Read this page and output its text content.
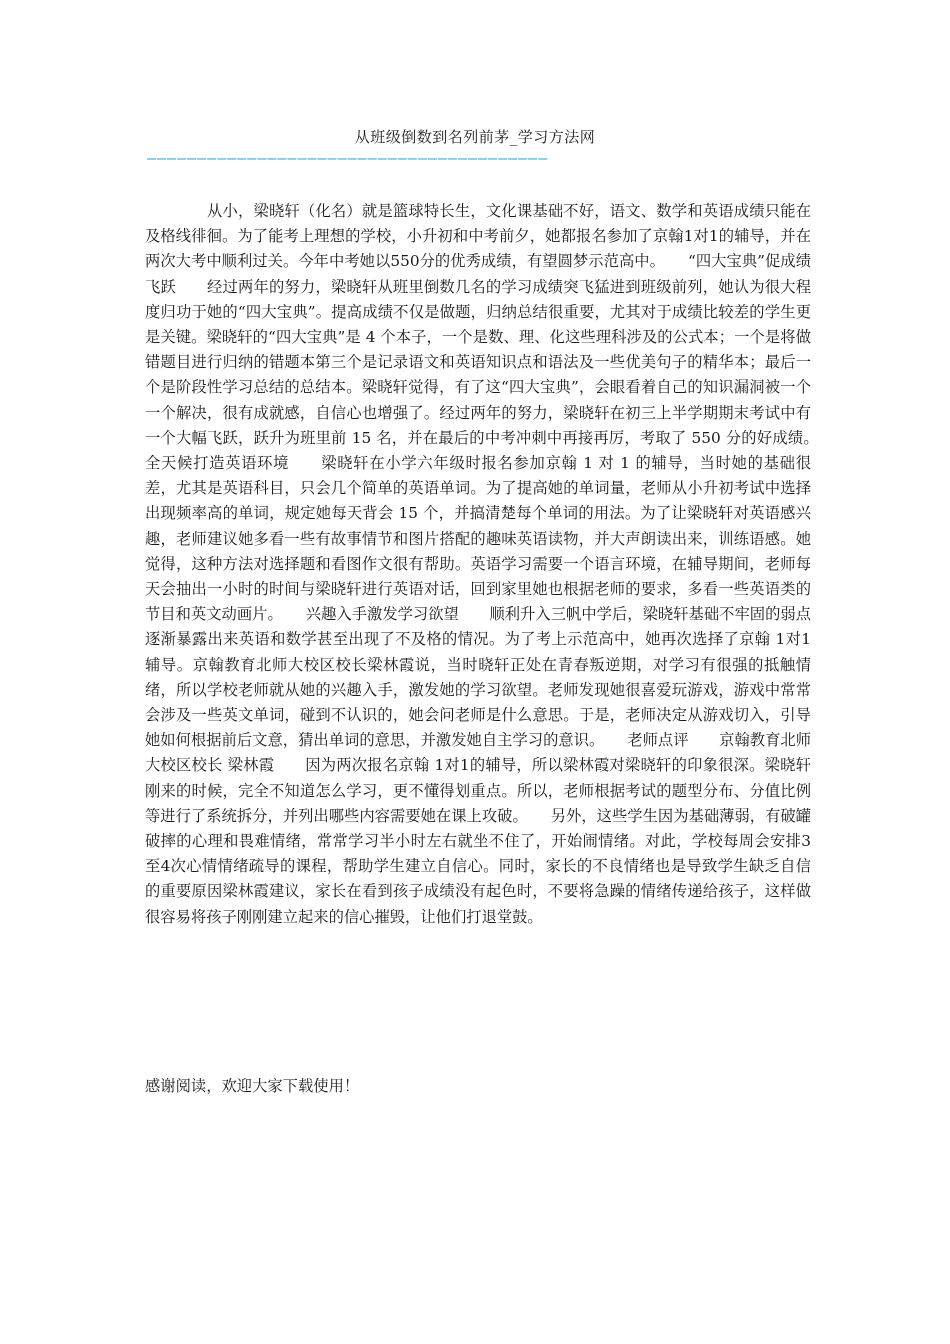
从班级倒数到名列前茅_学习方法网
————————————————————————————————————————

从小，梁晓轩（化名）就是篮球特长生，文化课基础不好，语文、数学和英语成绩只能在及格线徘徊。为了能考上理想的学校，小升初和中考前夕，她都报名参加了京翰1对1的辅导，并在两次大考中顺利过关。今年中考她以550分的优秀成绩，有望圆梦示范高中。　　“四大宝典”促成绩飞跃　　经过两年的努力，梁晓轩从班里倒数几名的学习成绩突飞猛进到班级前列，她认为很大程度归功于她的“四大宝典”。提高成绩不仅是做题，归纳总结很重要，尤其对于成绩比较差的学生更是关键。梁晓轩的“四大宝典”是 4 个本子，一个是数、理、化这些理科涉及的公式本；一个是将做错题目进行归纳的错题本第三个是记录语文和英语知识点和语法及一些优美句子的精华本；最后一个是阶段性学习总结的总结本。梁晓轩觉得，有了这“四大宝典”，会眼看着自己的知识漏洞被一个一个解决，很有成就感，自信心也增强了。经过两年的努力，梁晓轩在初三上半学期期末考试中有一个大幅飞跃，跃升为班里前 15 名，并在最后的中考冲刺中再接再厉，考取了 550 分的好成绩。　　全天候打造英语环境　　梁晓轩在小学六年级时报名参加京翰 1 对 1 的辅导，当时她的基础很差，尤其是英语科目，只会几个简单的英语单词。为了提高她的单词量，老师从小升初考试中选择出现频率高的单词，规定她每天背会 15 个，并搞清楚每个单词的用法。为了让梁晓轩对英语感兴趣，老师建议她多看一些有故事情节和图片搭配的趣味英语读物，并大声朗读出来，训练语感。她觉得，这种方法对选择题和看图作文很有帮助。英语学习需要一个语言环境，在辅导期间，老师每天会抽出一小时的时间与梁晓轩进行英语对话，回到家里她也根据老师的要求，多看一些英语类的节目和英文动画片。　　兴趣入手激发学习欲望　　顺利升入三帆中学后，梁晓轩基础不牢固的弱点逐渐暴露出来英语和数学甚至出现了不及格的情况。为了考上示范高中，她再次选择了京翰 1对1辅导。京翰教育北师大校区校长梁林霞说，当时晓轩正处在青春叛逆期，对学习有很强的抵触情绪，所以学校老师就从她的兴趣入手，激发她的学习欲望。老师发现她很喜爱玩游戏，游戏中常常会涉及一些英文单词，碰到不认识的，她会问老师是什么意思。于是，老师决定从游戏切入，引导她如何根据前后文意，猜出单词的意思，并激发她自主学习的意识。　　老师点评　　京翰教育北师大校区校长 梁林霞　　因为两次报名京翰 1对1的辅导，所以梁林霞对梁晓轩的印象很深。梁晓轩刚来的时候，完全不知道怎么学习，更不懂得划重点。所以，老师根据考试的题型分布、分值比例等进行了系统拆分，并列出哪些内容需要她在课上攻破。　　另外，这些学生因为基础薄弱，有破罐破摔的心理和畏难情绪，常常学习半小时左右就坐不住了，开始闹情绪。对此，学校每周会安排3至4次心情情绪疏导的课程，帮助学生建立自信心。同时，家长的不良情绪也是导致学生缺乏自信的重要原因梁林霞建议，家长在看到孩子成绩没有起色时，不要将急躁的情绪传递给孩子，这样做很容易将孩子刚刚建立起来的信心摧毁，让他们打退堂鼓。

感谢阅读，欢迎大家下载使用！
